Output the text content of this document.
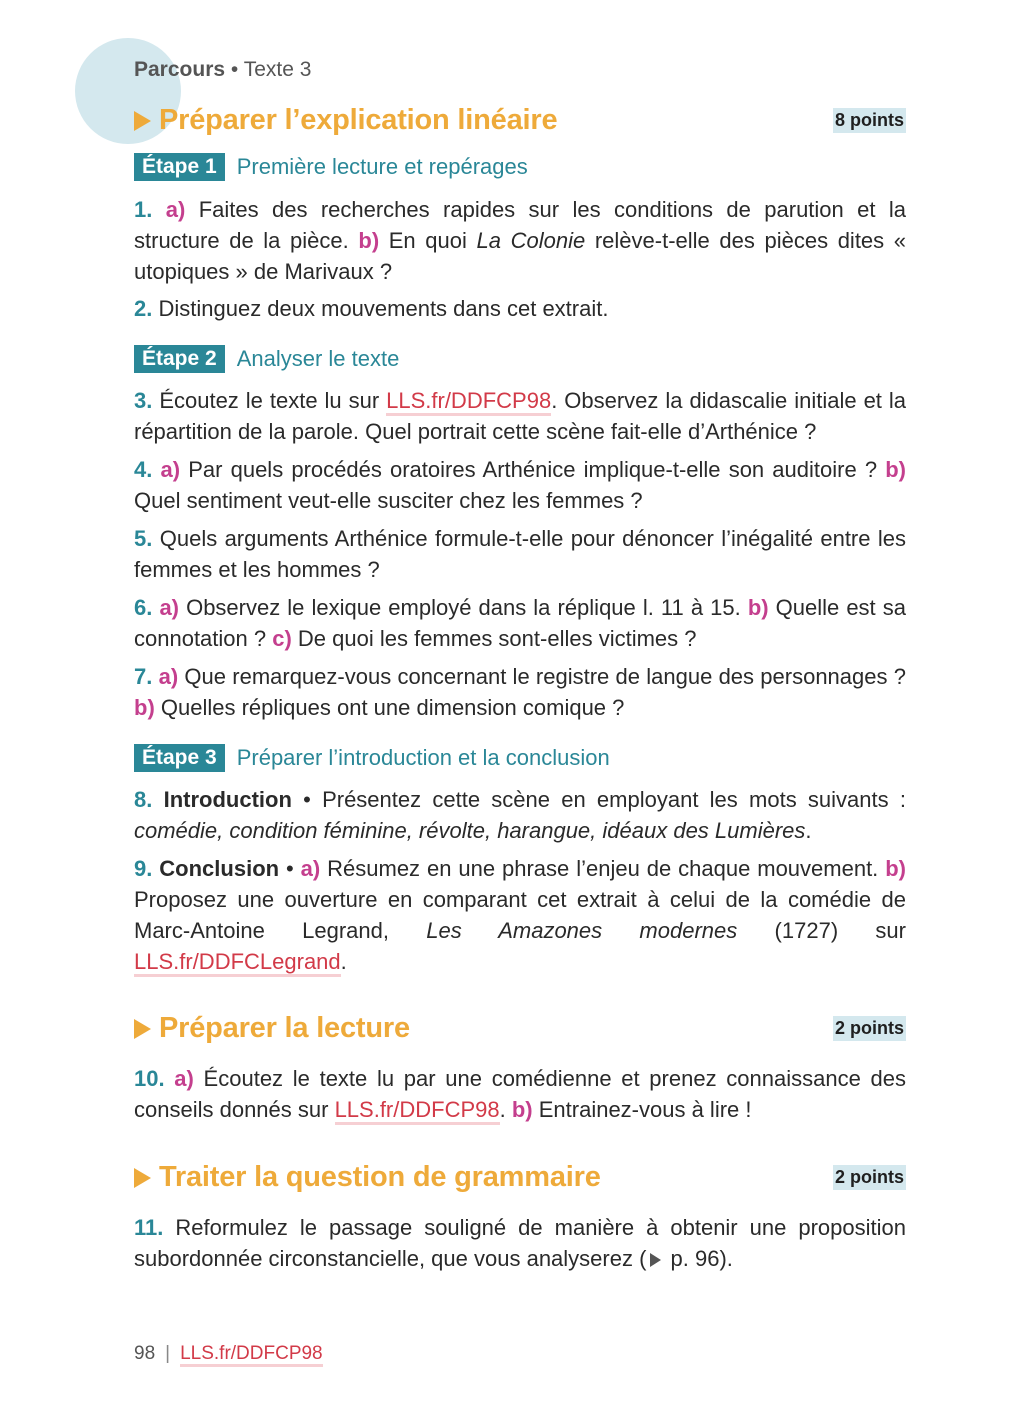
Parcours • Texte 3
Préparer l’explication linéaire	8 points
Étape 1 Première lecture et repérages
1. a) Faites des recherches rapides sur les conditions de parution et la structure de la pièce. b) En quoi La Colonie relève-t-elle des pièces dites « utopiques » de Marivaux ?
2. Distinguez deux mouvements dans cet extrait.
Étape 2 Analyser le texte
3. Écoutez le texte lu sur LLS.fr/DDFCP98. Observez la didascalie initiale et la répartition de la parole. Quel portrait cette scène fait-elle d’Arthénice ?
4. a) Par quels procédés oratoires Arthénice implique-t-elle son auditoire ? b) Quel sentiment veut-elle susciter chez les femmes ?
5. Quels arguments Arthénice formule-t-elle pour dénoncer l’inégalité entre les femmes et les hommes ?
6. a) Observez le lexique employé dans la réplique l. 11 à 15. b) Quelle est sa connotation ? c) De quoi les femmes sont-elles victimes ?
7. a) Que remarquez-vous concernant le registre de langue des personnages ? b) Quelles répliques ont une dimension comique ?
Étape 3 Préparer l’introduction et la conclusion
8. Introduction • Présentez cette scène en employant les mots suivants : comédie, condition féminine, révolte, harangue, idéaux des Lumières.
9. Conclusion • a) Résumez en une phrase l’enjeu de chaque mouvement. b) Proposez une ouverture en comparant cet extrait à celui de la comédie de Marc-Antoine Legrand, Les Amazones modernes (1727) sur LLS.fr/DDFCLegrand.
Préparer la lecture	2 points
10. a) Écoutez le texte lu par une comédienne et prenez connaissance des conseils donnés sur LLS.fr/DDFCP98. b) Entrainez-vous à lire !
Traiter la question de grammaire	2 points
11. Reformulez le passage souligné de manière à obtenir une proposition subordonnée circonstancielle, que vous analyserez ( p. 96).
98 | LLS.fr/DDFCP98
